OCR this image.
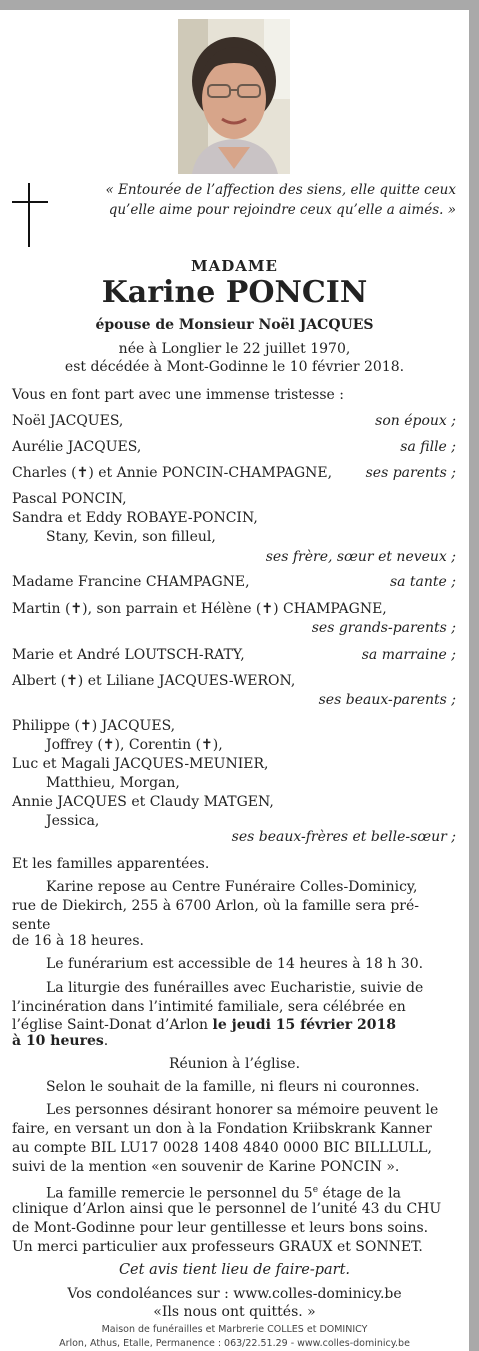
« Entourée de l’affection des siens, elle quitte ceux qu’elle aime pour rejoindre ceux qu’elle a aimés. »
MADAME
Karine PONCIN
épouse de Monsieur Noël JACQUES
née à Longlier le 22 juillet 1970,
est décédée à Mont-Godinne le 10 février 2018.
Vous en font part avec une immense tristesse :
Noël JACQUES,	son époux ;
Aurélie JACQUES,	sa fille ;
Charles (✝) et Annie PONCIN-CHAMPAGNE, ses parents ;
Pascal PONCIN,
Sandra et Eddy ROBAYE-PONCIN,
Stany, Kevin, son filleul,
ses frère, sœur et neveux ;
Madame Francine CHAMPAGNE,	sa tante ;
Martin (✝), son parrain et Hélène (✝) CHAMPAGNE,
ses grands-parents ;
Marie et André LOUTSCH-RATY,	sa marraine ;
Albert (✝) et Liliane JACQUES-WERON,
ses beaux-parents ;
Philippe (✝) JACQUES,
Joffrey (✝), Corentin (✝),
Luc et Magali JACQUES-MEUNIER,
Matthieu, Morgan,
Annie JACQUES et Claudy MATGEN,
Jessica,
ses beaux-frères et belle-sœur ;
Et les familles apparentées.
Karine repose au Centre Funéraire Colles-Dominicy,
rue de Diekirch, 255 à 6700 Arlon, où la famille sera pré-
sente
de 16 à 18 heures.
Le funérarium est accessible de 14 heures à 18 h 30.
La liturgie des funérailles avec Eucharistie, suivie de
l’incinération dans l’intimité familiale, sera célébrée en
l’église Saint-Donat d’Arlon le jeudi 15 février 2018
à 10 heures.
Réunion à l’église.
Selon le souhait de la famille, ni fleurs ni couronnes.
Les personnes désirant honorer sa mémoire peuvent le
faire, en versant un don à la Fondation Kriibskrank Kanner
au compte BIL LU17 0028 1408 4840 0000 BIC BILLLULL,
suivi de la mention «en souvenir de Karine PONCIN ».
La famille remercie le personnel du 5e étage de la
clinique d’Arlon ainsi que le personnel de l’unité 43 du CHU
de Mont-Godinne pour leur gentillesse et leurs bons soins.
Un merci particulier aux professeurs GRAUX et SONNET.
Cet avis tient lieu de faire-part.
Vos condoléances sur : www.colles-dominicy.be
«Ils nous ont quittés. »
Maison de funérailles et Marbrerie COLLES et DOMINICY
Arlon, Athus, Etalle, Permanence : 063/22.51.29 - www.colles-dominicy.be
